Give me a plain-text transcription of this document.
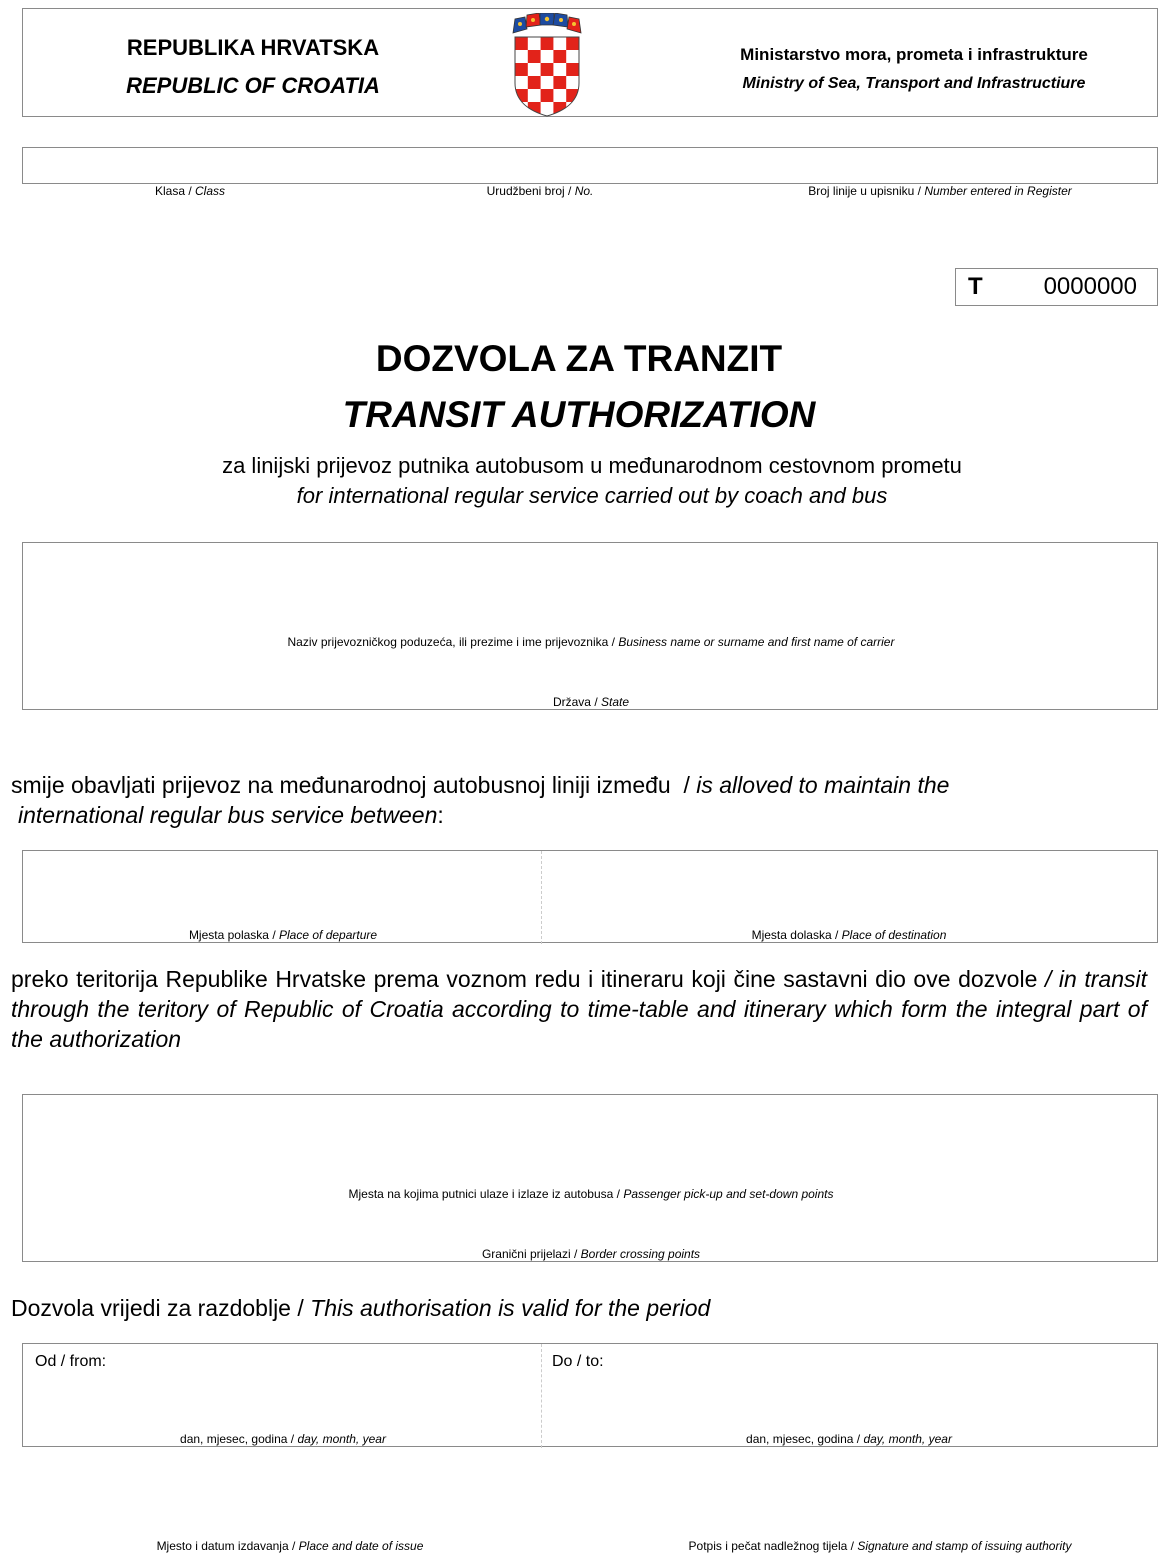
REPUBLIKA HRVATSKA
REPUBLIC OF CROATIA
Ministarstvo mora, prometa i infrastrukture
Ministry of Sea, Transport and Infrastructiure
Klasa / Class	Urudžbeni broj / No.	Broj linije u upisniku / Number entered in Register
T	0000000
DOZVOLA ZA TRANZIT
TRANSIT AUTHORIZATION
za linijski prijevoz putnika autobusom u međunarodnom cestovnom prometu
for international regular service carried out by coach and bus
Naziv prijevozničkog poduzeća, ili prezime i ime prijevoznika / Business name or surname and first name of carrier
Država / State
smije obavljati prijevoz na međunarodnoj autobusnoj liniji između  / is alloved to maintain the
international regular bus service between:
Mjesta polaska / Place of departure	Mjesta dolaska / Place of destination
preko teritorija Republike Hrvatske prema voznom redu i itineraru koji čine sastavni dio ove dozvole / in transit through the teritory of Republic of Croatia according to time-table and itinerary which form the integral part of the authorization
Mjesta na kojima putnici ulaze i izlaze iz autobusa / Passenger pick-up and set-down points
Granični prijelazi / Border crossing points
Dozvola vrijedi za razdoblje / This authorisation is valid for the period
Od / from:	Do / to:
dan, mjesec, godina / day, month, year	dan, mjesec, godina / day, month, year
Mjesto i datum izdavanja / Place and date of issue	Potpis i pečat nadležnog tijela / Signature and stamp of issuing authority
